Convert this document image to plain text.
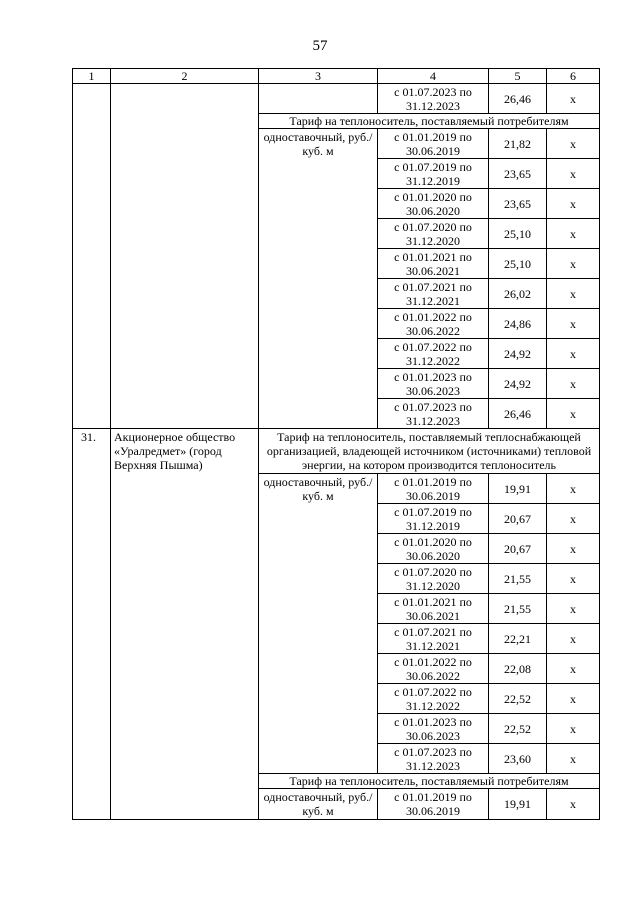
57
1	2	3	4	5	6
			с 01.07.2023 по 31.12.2023	26,46	х
		Тариф на теплоноситель, поставляемый потребителям			
		одноставочный, руб./куб. м	с 01.01.2019 по 30.06.2019	21,82	х
			с 01.07.2019 по 31.12.2019	23,65	х
			с 01.01.2020 по 30.06.2020	23,65	х
			с 01.07.2020 по 31.12.2020	25,10	х
			с 01.01.2021 по 30.06.2021	25,10	х
			с 01.07.2021 по 31.12.2021	26,02	х
			с 01.01.2022 по 30.06.2022	24,86	х
			с 01.07.2022 по 31.12.2022	24,92	х
			с 01.01.2023 по 30.06.2023	24,92	х
			с 01.07.2023 по 31.12.2023	26,46	х
31.	Акционерное общество «Уралредмет» (город Верхняя Пышма)	Тариф на теплоноситель, поставляемый теплоснабжающей организацией, владеющей источником (источниками) тепловой энергии, на котором производится теплоноситель			
		одноставочный, руб./куб. м	с 01.01.2019 по 30.06.2019	19,91	х
			с 01.07.2019 по 31.12.2019	20,67	х
			с 01.01.2020 по 30.06.2020	20,67	х
			с 01.07.2020 по 31.12.2020	21,55	х
			с 01.01.2021 по 30.06.2021	21,55	х
			с 01.07.2021 по 31.12.2021	22,21	х
			с 01.01.2022 по 30.06.2022	22,08	х
			с 01.07.2022 по 31.12.2022	22,52	х
			с 01.01.2023 по 30.06.2023	22,52	х
			с 01.07.2023 по 31.12.2023	23,60	х
		Тариф на теплоноситель, поставляемый потребителям			
		одноставочный, руб./куб. м	с 01.01.2019 по 30.06.2019	19,91	х
